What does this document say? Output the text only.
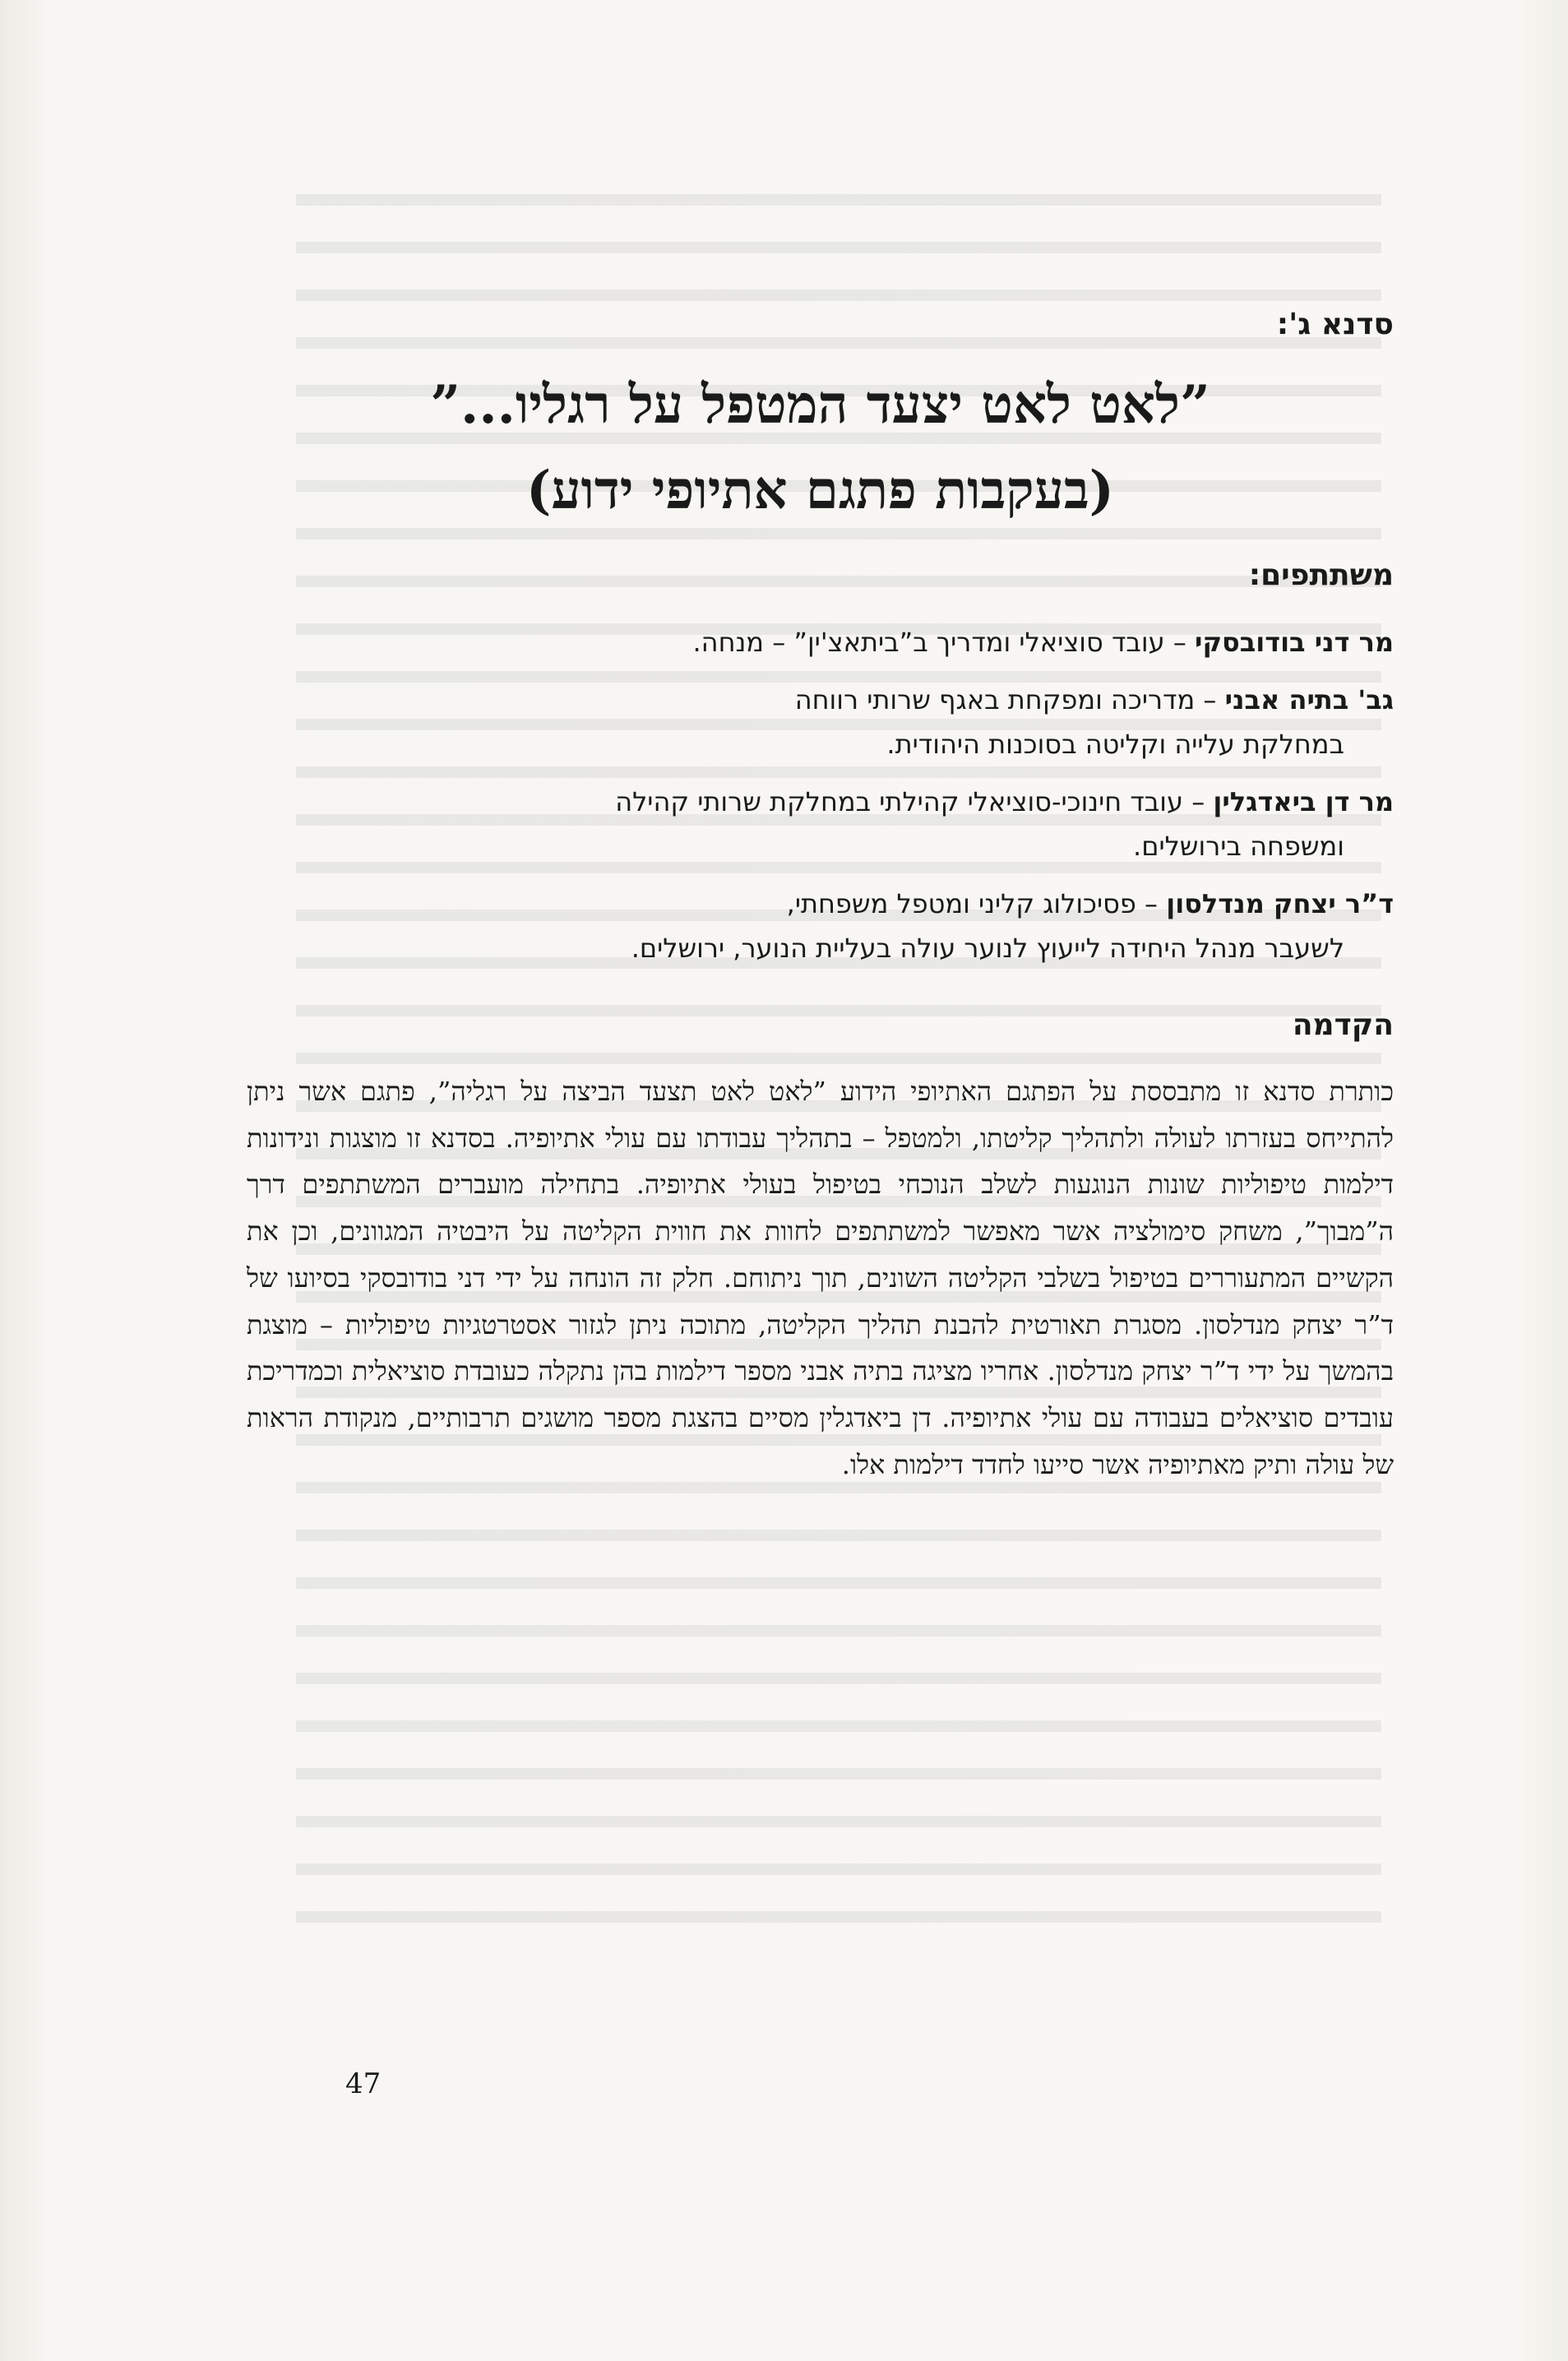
סדנא ג':
”לאט לאט יצעד המטפל על רגליו...”
(בעקבות פתגם אתיופי ידוע)
משתתפים:
מר דני בודובסקי – עובד סוציאלי ומדריך ב”ביתאצ'ין” – מנחה.
גב' בתיה אבני – מדריכה ומפקחת באגף שרותי רווחה
במחלקת עלייה וקליטה בסוכנות היהודית.
מר דן ביאדגלין – עובד חינוכי-סוציאלי קהילתי במחלקת שרותי קהילה
ומשפחה בירושלים.
ד”ר יצחק מנדלסון – פסיכולוג קליני ומטפל משפחתי,
לשעבר מנהל היחידה לייעוץ לנוער עולה בעליית הנוער, ירושלים.
הקדמה

כותרת סדנא זו מתבססת על הפתגם האתיופי הידוע ”לאט לאט תצעד הביצה על רגליה”, פתגם אשר ניתן להתייחס בעזרתו לעולה ולתהליך קליטתו, ולמטפל – בתהליך עבודתו עם עולי אתיופיה. בסדנא זו מוצגות ונידונות דילמות טיפוליות שונות הנוגעות לשלב הנוכחי בטיפול בעולי אתיופיה. בתחילה מועברים המשתתפים דרך ה”מבוך”, משחק סימולציה אשר מאפשר למשתתפים לחוות את חווית הקליטה על היבטיה המגוונים, וכן את הקשיים המתעוררים בטיפול בשלבי הקליטה השונים, תוך ניתוחם. חלק זה הונחה על ידי דני בודובסקי בסיועו של ד”ר יצחק מנדלסון. מסגרת תאורטית להבנת תהליך הקליטה, מתוכה ניתן לגזור אסטרטגיות טיפוליות – מוצגת בהמשך על ידי ד”ר יצחק מנדלסון. אחריו מציגה בתיה אבני מספר דילמות בהן נתקלה כעובדת סוציאלית וכמדריכת עובדים סוציאלים בעבודה עם עולי אתיופיה. דן ביאדגלין מסיים בהצגת מספר מושגים תרבותיים, מנקודת הראות של עולה ותיק מאתיופיה אשר סייעו לחדד דילמות אלו.

47
